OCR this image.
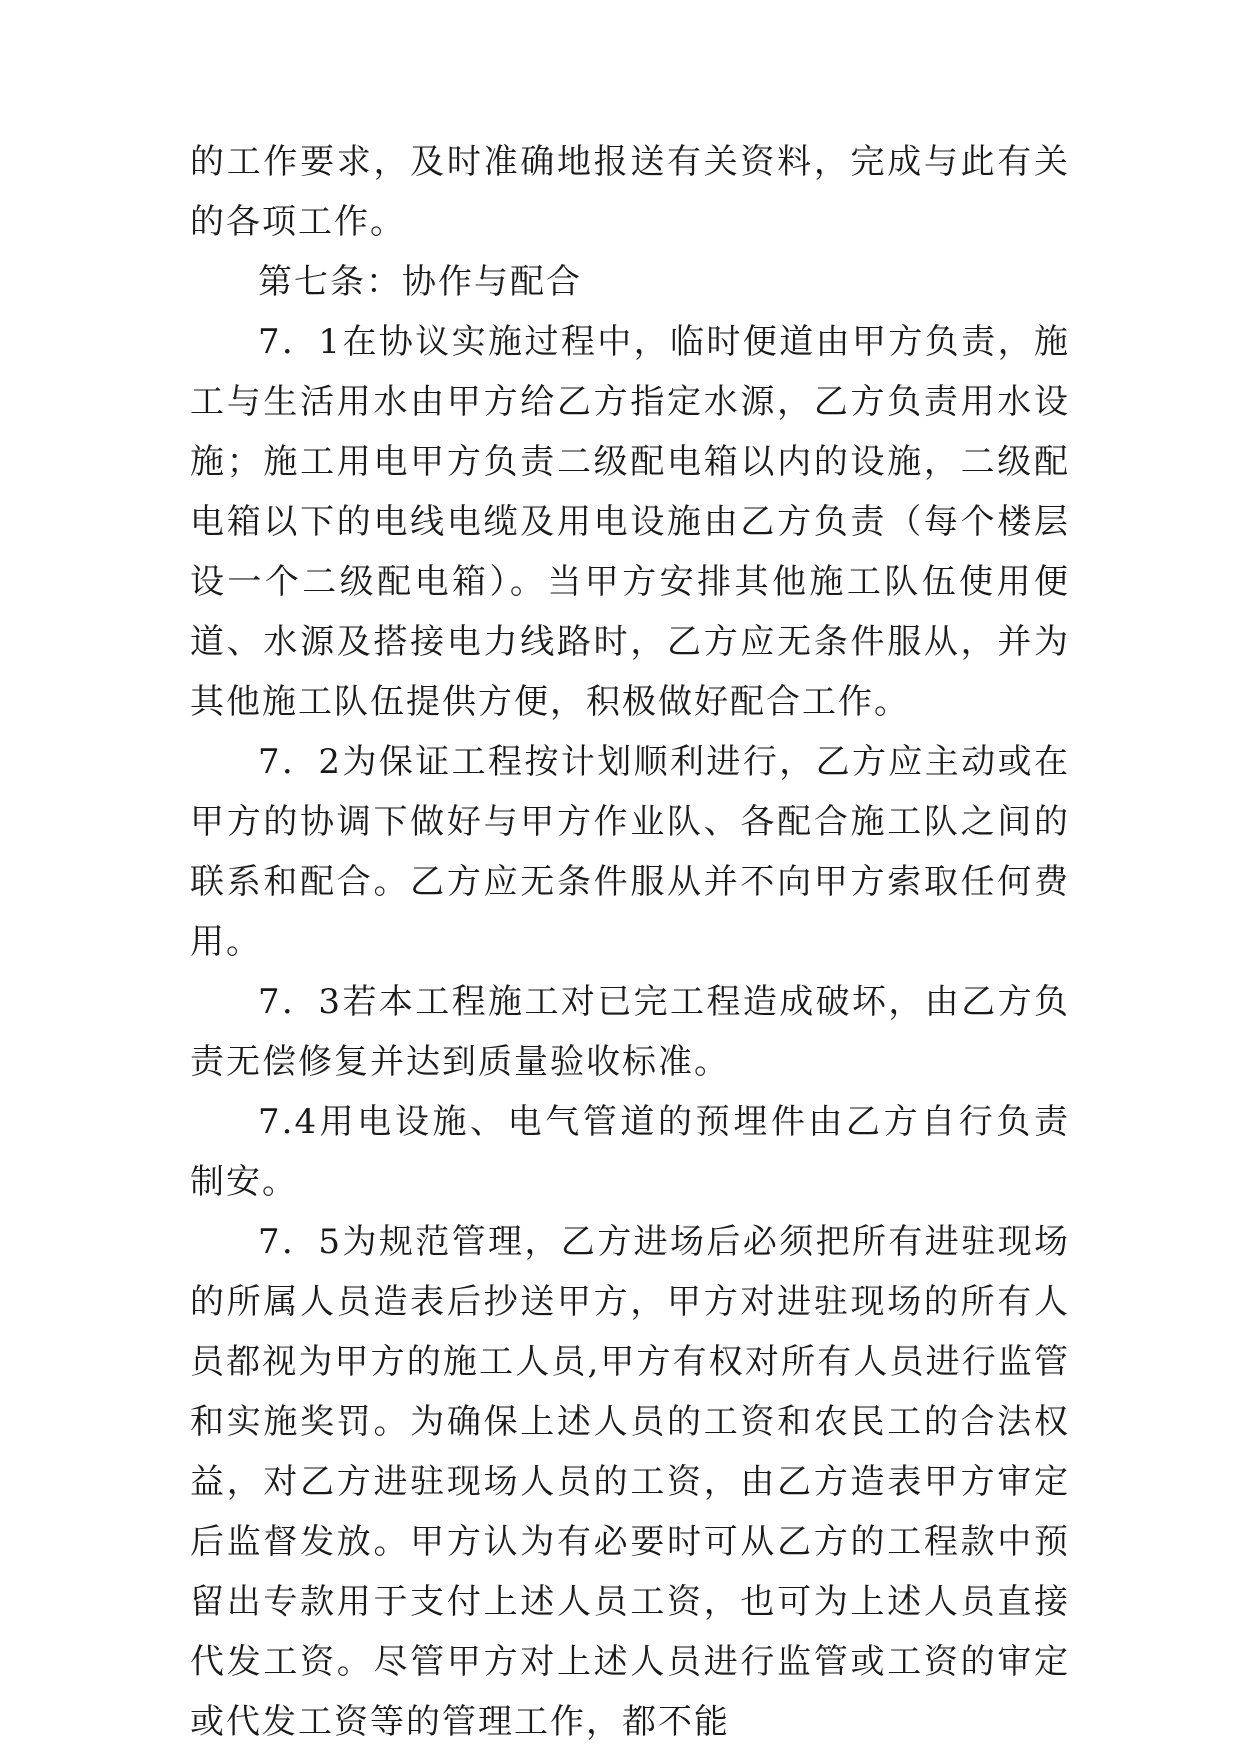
的工作要求，及时准确地报送有关资料，完成与此有关的各项工作。

第七条：协作与配合

7．1在协议实施过程中，临时便道由甲方负责，施工与生活用水由甲方给乙方指定水源，乙方负责用水设施；施工用电甲方负责二级配电箱以内的设施，二级配电箱以下的电线电缆及用电设施由乙方负责（每个楼层设一个二级配电箱）。当甲方安排其他施工队伍使用便道、水源及搭接电力线路时，乙方应无条件服从，并为其他施工队伍提供方便，积极做好配合工作。

7．2为保证工程按计划顺利进行，乙方应主动或在甲方的协调下做好与甲方作业队、各配合施工队之间的联系和配合。乙方应无条件服从并不向甲方索取任何费用。

7．3若本工程施工对已完工程造成破坏，由乙方负责无偿修复并达到质量验收标准。

7.4用电设施、电气管道的预埋件由乙方自行负责制安。

7．5为规范管理，乙方进场后必须把所有进驻现场的所属人员造表后抄送甲方，甲方对进驻现场的所有人员都视为甲方的施工人员,甲方有权对所有人员进行监管和实施奖罚。为确保上述人员的工资和农民工的合法权益，对乙方进驻现场人员的工资，由乙方造表甲方审定后监督发放。甲方认为有必要时可从乙方的工程款中预留出专款用于支付上述人员工资，也可为上述人员直接代发工资。尽管甲方对上述人员进行监管或工资的审定或代发工资等的管理工作，都不能
